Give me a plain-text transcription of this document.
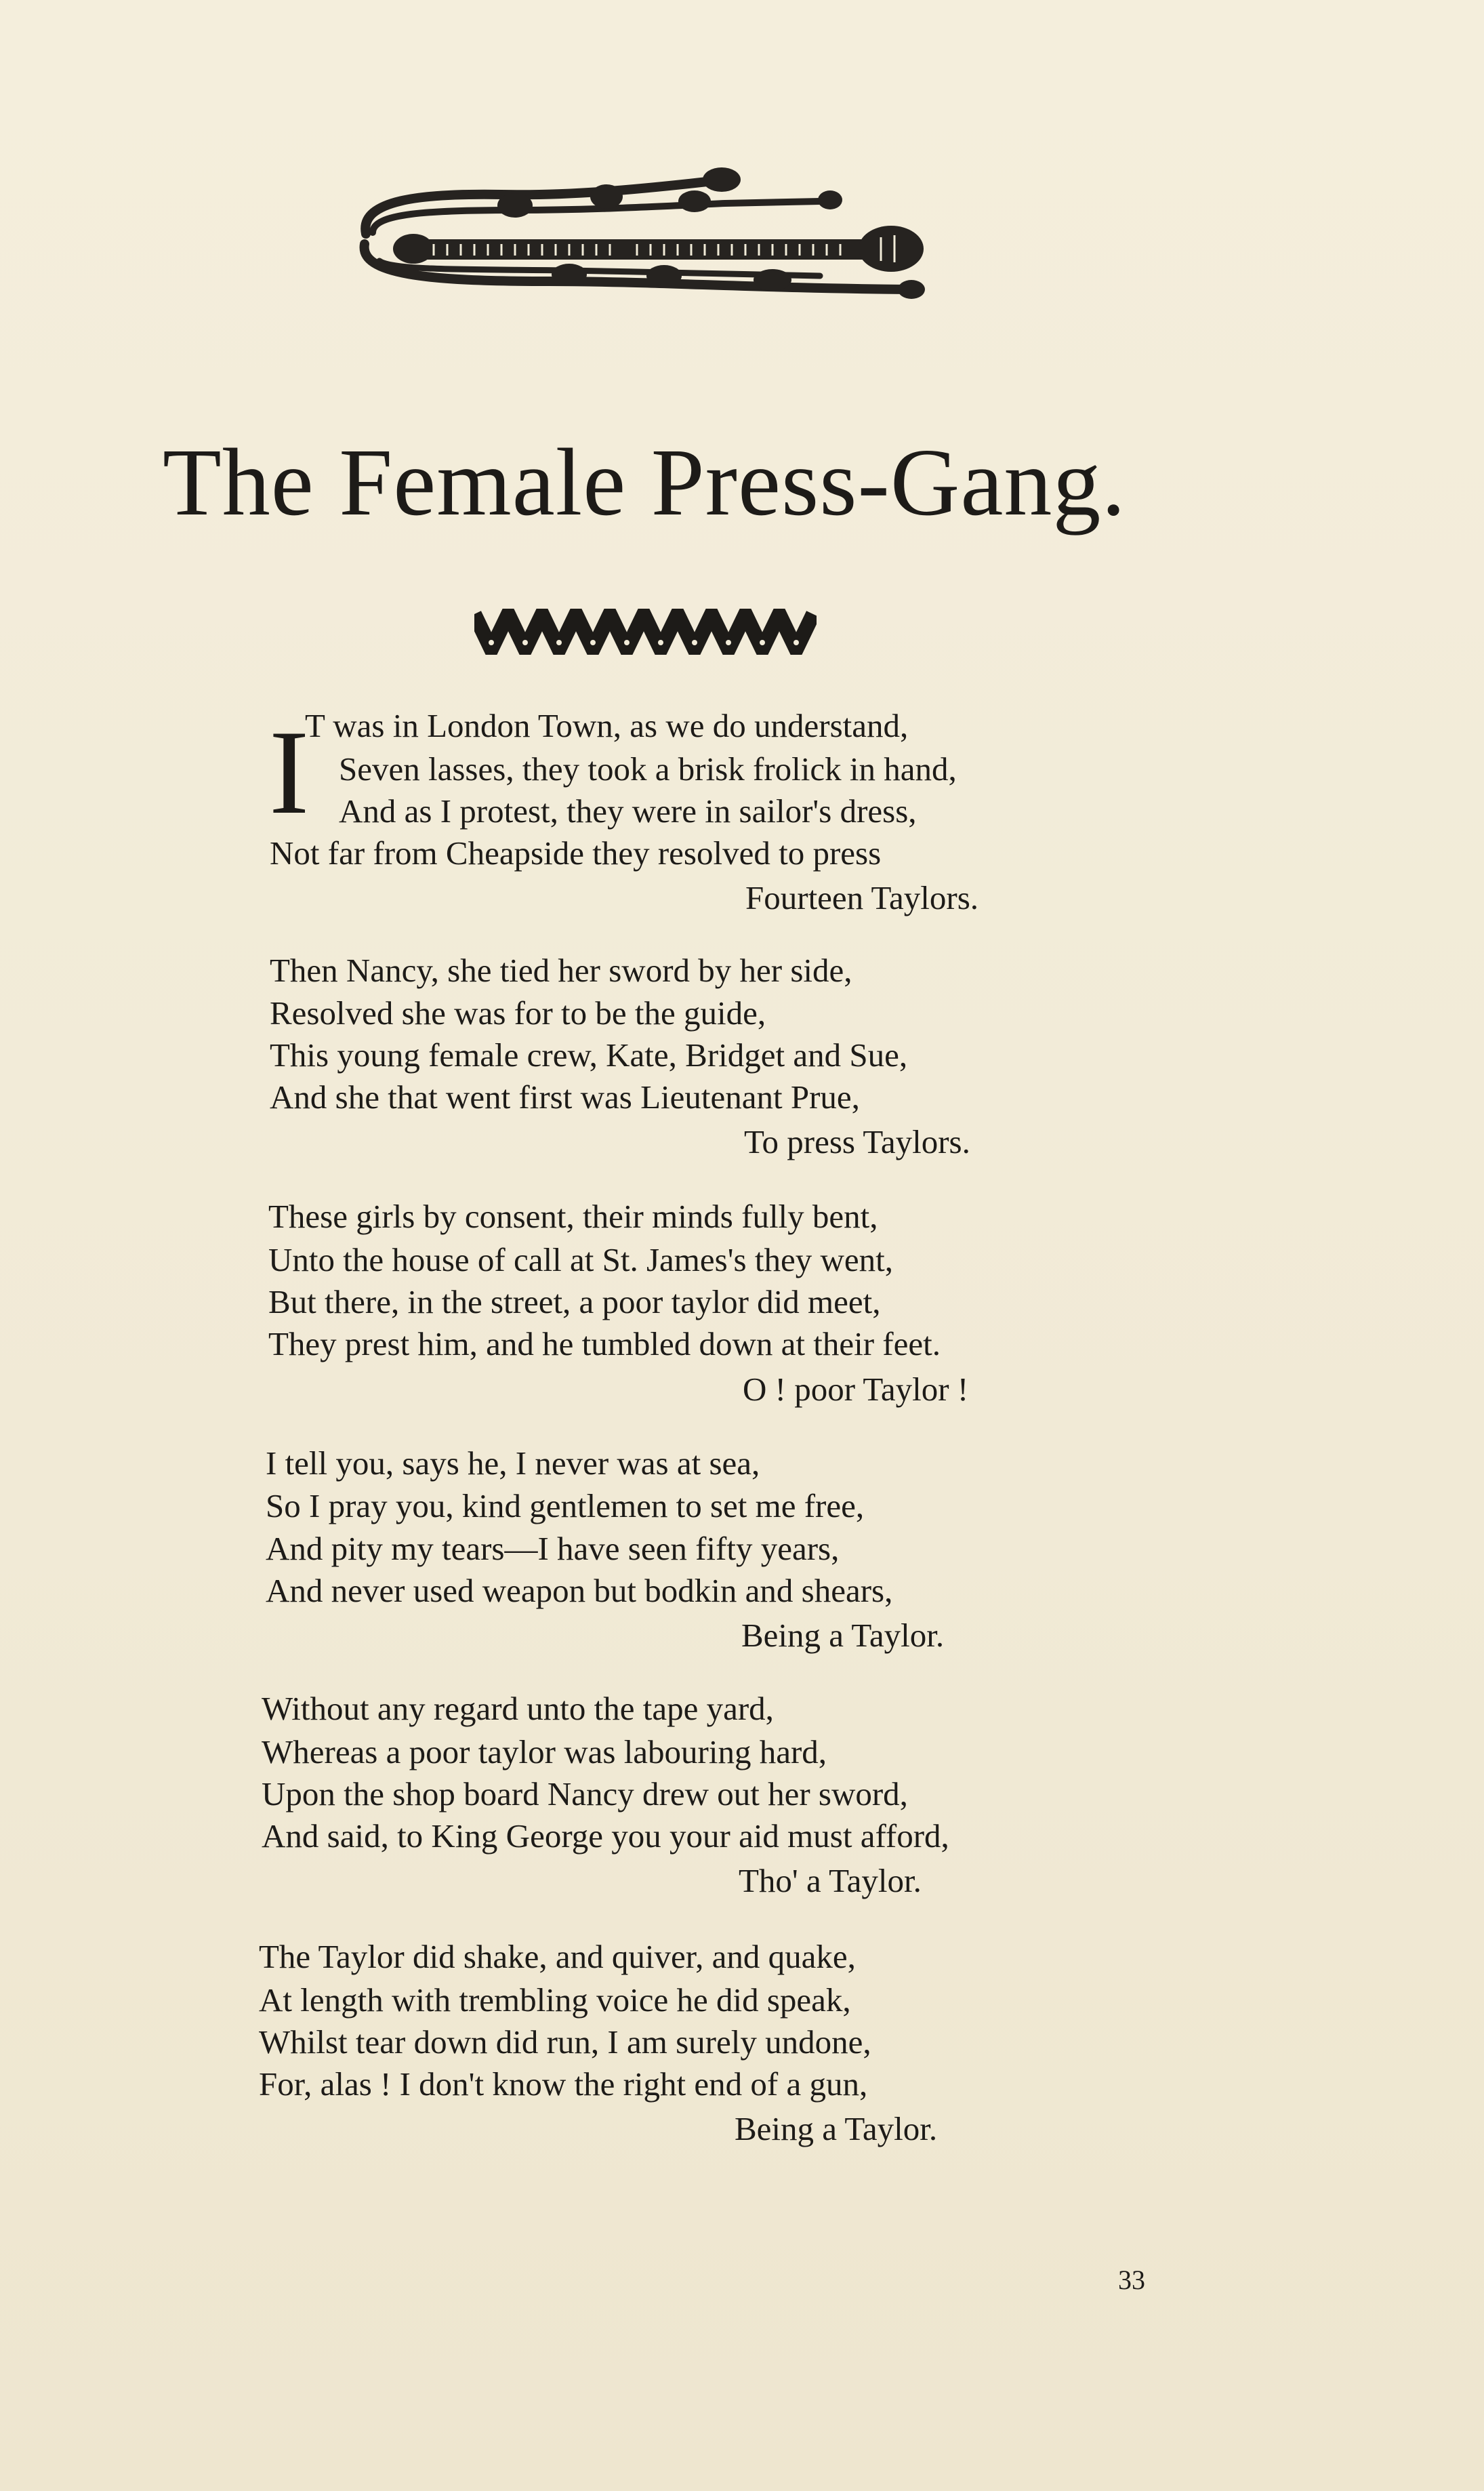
The Female Press-Gang.
I
T was in London Town, as we do understand,
Seven lasses, they took a brisk frolick in hand,
And as I protest, they were in sailor's dress,
Not far from Cheapside they resolved to press
Fourteen Taylors.
Then Nancy, she tied her sword by her side,
Resolved she was for to be the guide,
This young female crew, Kate, Bridget and Sue,
And she that went first was Lieutenant Prue,
To press Taylors.
These girls by consent, their minds fully bent,
Unto the house of call at St. James's they went,
But there, in the street, a poor taylor did meet,
They prest him, and he tumbled down at their feet.
O ! poor Taylor !
I tell you, says he, I never was at sea,
So I pray you, kind gentlemen to set me free,
And pity my tears—I have seen fifty years,
And never used weapon but bodkin and shears,
Being a Taylor.
Without any regard unto the tape yard,
Whereas a poor taylor was labouring hard,
Upon the shop board Nancy drew out her sword,
And said, to King George you your aid must afford,
Tho' a Taylor.
The Taylor did shake, and quiver, and quake,
At length with trembling voice he did speak,
Whilst tear down did run, I am surely undone,
For, alas ! I don't know the right end of a gun,
Being a Taylor.
33
